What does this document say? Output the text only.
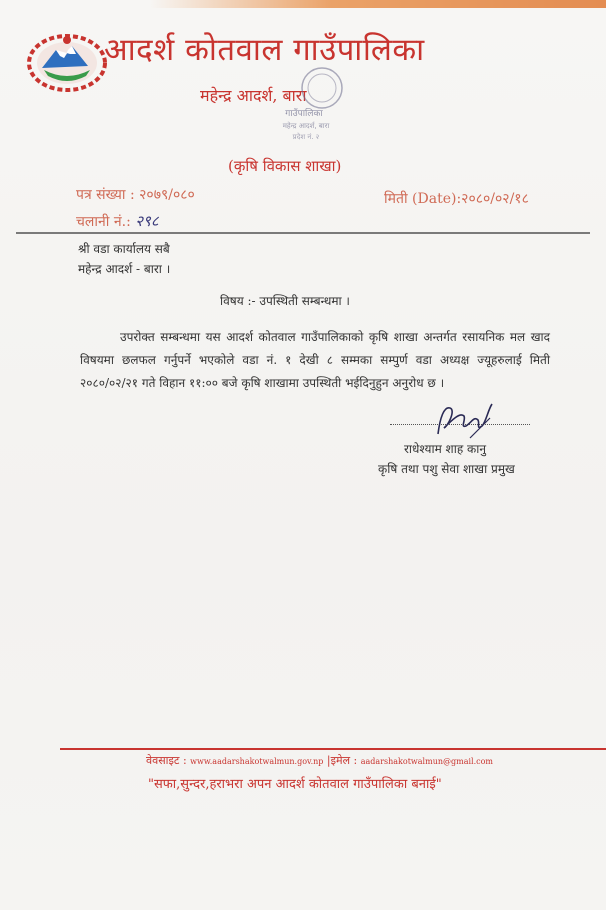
आदर्श कोतवाल गाउँपालिका
महेन्द्र आदर्श, बारा
गाउँपालिका
महेन्द्र आदर्श, बारा
प्रदेश नं. २
(कृषि विकास शाखा)
पत्र संख्या : २०७९/०८०	मिती (Date):२०८०/०२/१८
चलानी नं.: २९८
श्री वडा कार्यालय सबै
महेन्द्र आदर्श - बारा ।
विषय :- उपस्थिती सम्बन्धमा ।
उपरोक्त सम्बन्धमा यस आदर्श कोतवाल गाउँपालिकाको कृषि शाखा अन्तर्गत रसायनिक मल खाद विषयमा छलफल गर्नुपर्ने भएकोले वडा नं. १ देखी ८ सम्मका सम्पुर्ण वडा अध्यक्ष ज्यूहरुलाई मिती २०८०/०२/२१ गते विहान ११:०० बजे कृषि शाखामा उपस्थिती भईदिनुहुन अनुरोध छ ।
राधेश्याम शाह कानु
कृषि तथा पशु सेवा शाखा प्रमुख
वेवसाइट : www.aadarshakotwalmun.gov.np |इमेल : aadarshakotwalmun@gmail.com
"सफा,सुन्दर,हराभरा अपन आदर्श कोतवाल गाउँपालिका बनाई"
